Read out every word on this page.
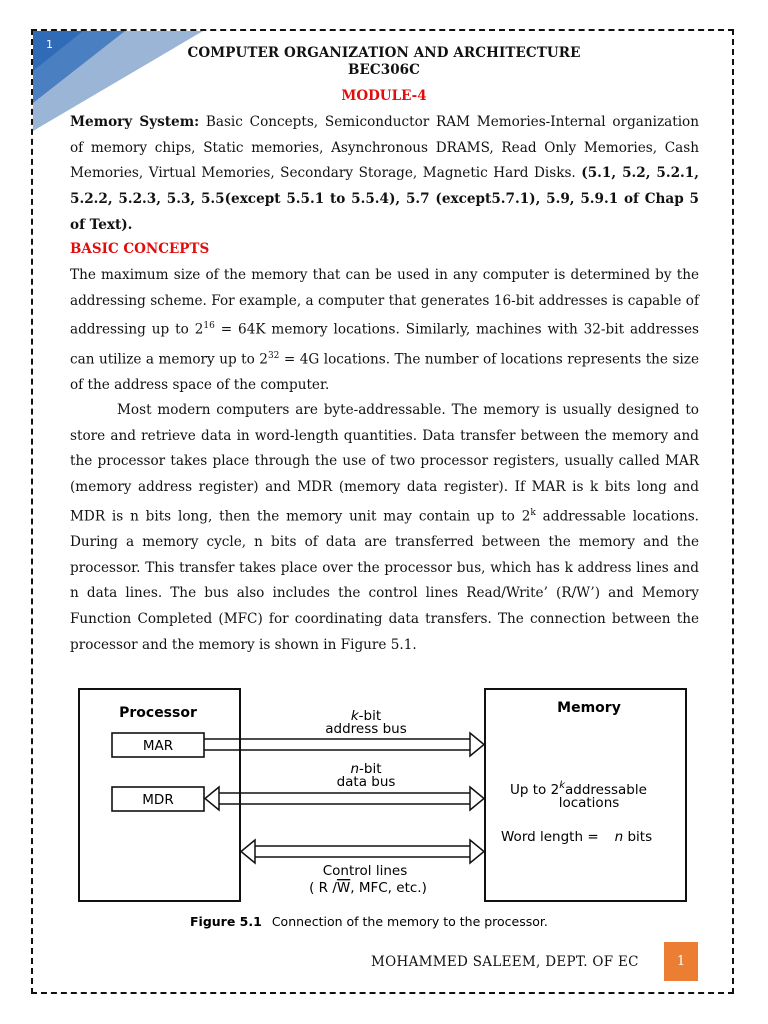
1
COMPUTER ORGANIZATION AND ARCHITECTURE
BEC306C
MODULE-4
Memory System: Basic Concepts, Semiconductor RAM Memories-Internal organization of memory chips, Static memories, Asynchronous DRAMS, Read Only Memories, Cash Memories, Virtual Memories, Secondary Storage, Magnetic Hard Disks. (5.1, 5.2, 5.2.1, 5.2.2, 5.2.3, 5.3, 5.5(except 5.5.1 to 5.5.4), 5.7 (except5.7.1), 5.9, 5.9.1 of Chap 5 of Text).
BASIC CONCEPTS
The maximum size of the memory that can be used in any computer is determined by the addressing scheme. For example, a computer that generates 16-bit addresses is capable of addressing up to $2^{16} = 64K$ memory locations. Similarly, machines with 32-bit addresses can utilize a memory up to $2^{32} = 4G$ locations. The number of locations represents the size of the address space of the computer.
Most modern computers are byte-addressable. The memory is usually designed to store and retrieve data in word-length quantities. Data transfer between the memory and the processor takes place through the use of two processor registers, usually called MAR (memory address register) and MDR (memory data register). If MAR is k bits long and MDR is n bits long, then the memory unit may contain up to 2$^k$ addressable locations. During a memory cycle, n bits of data are transferred between the memory and the processor. This transfer takes place over the processor bus, which has k address lines and n data lines. The bus also includes the control lines Read/Write’ (R/W’) and Memory Function Completed (MFC) for coordinating data transfers. The connection between the processor and the memory is shown in Figure 5.1.
Processor
MAR
MDR
Memory
Up to 2$^k$addressable
locations
Word length = n bits
k-bit
address bus
n-bit
data bus
Control lines
( R /W, MFC, etc.)
Figure 5.1 Connection of the memory to the processor.
MOHAMMED SALEEM, DEPT. OF EC	1
